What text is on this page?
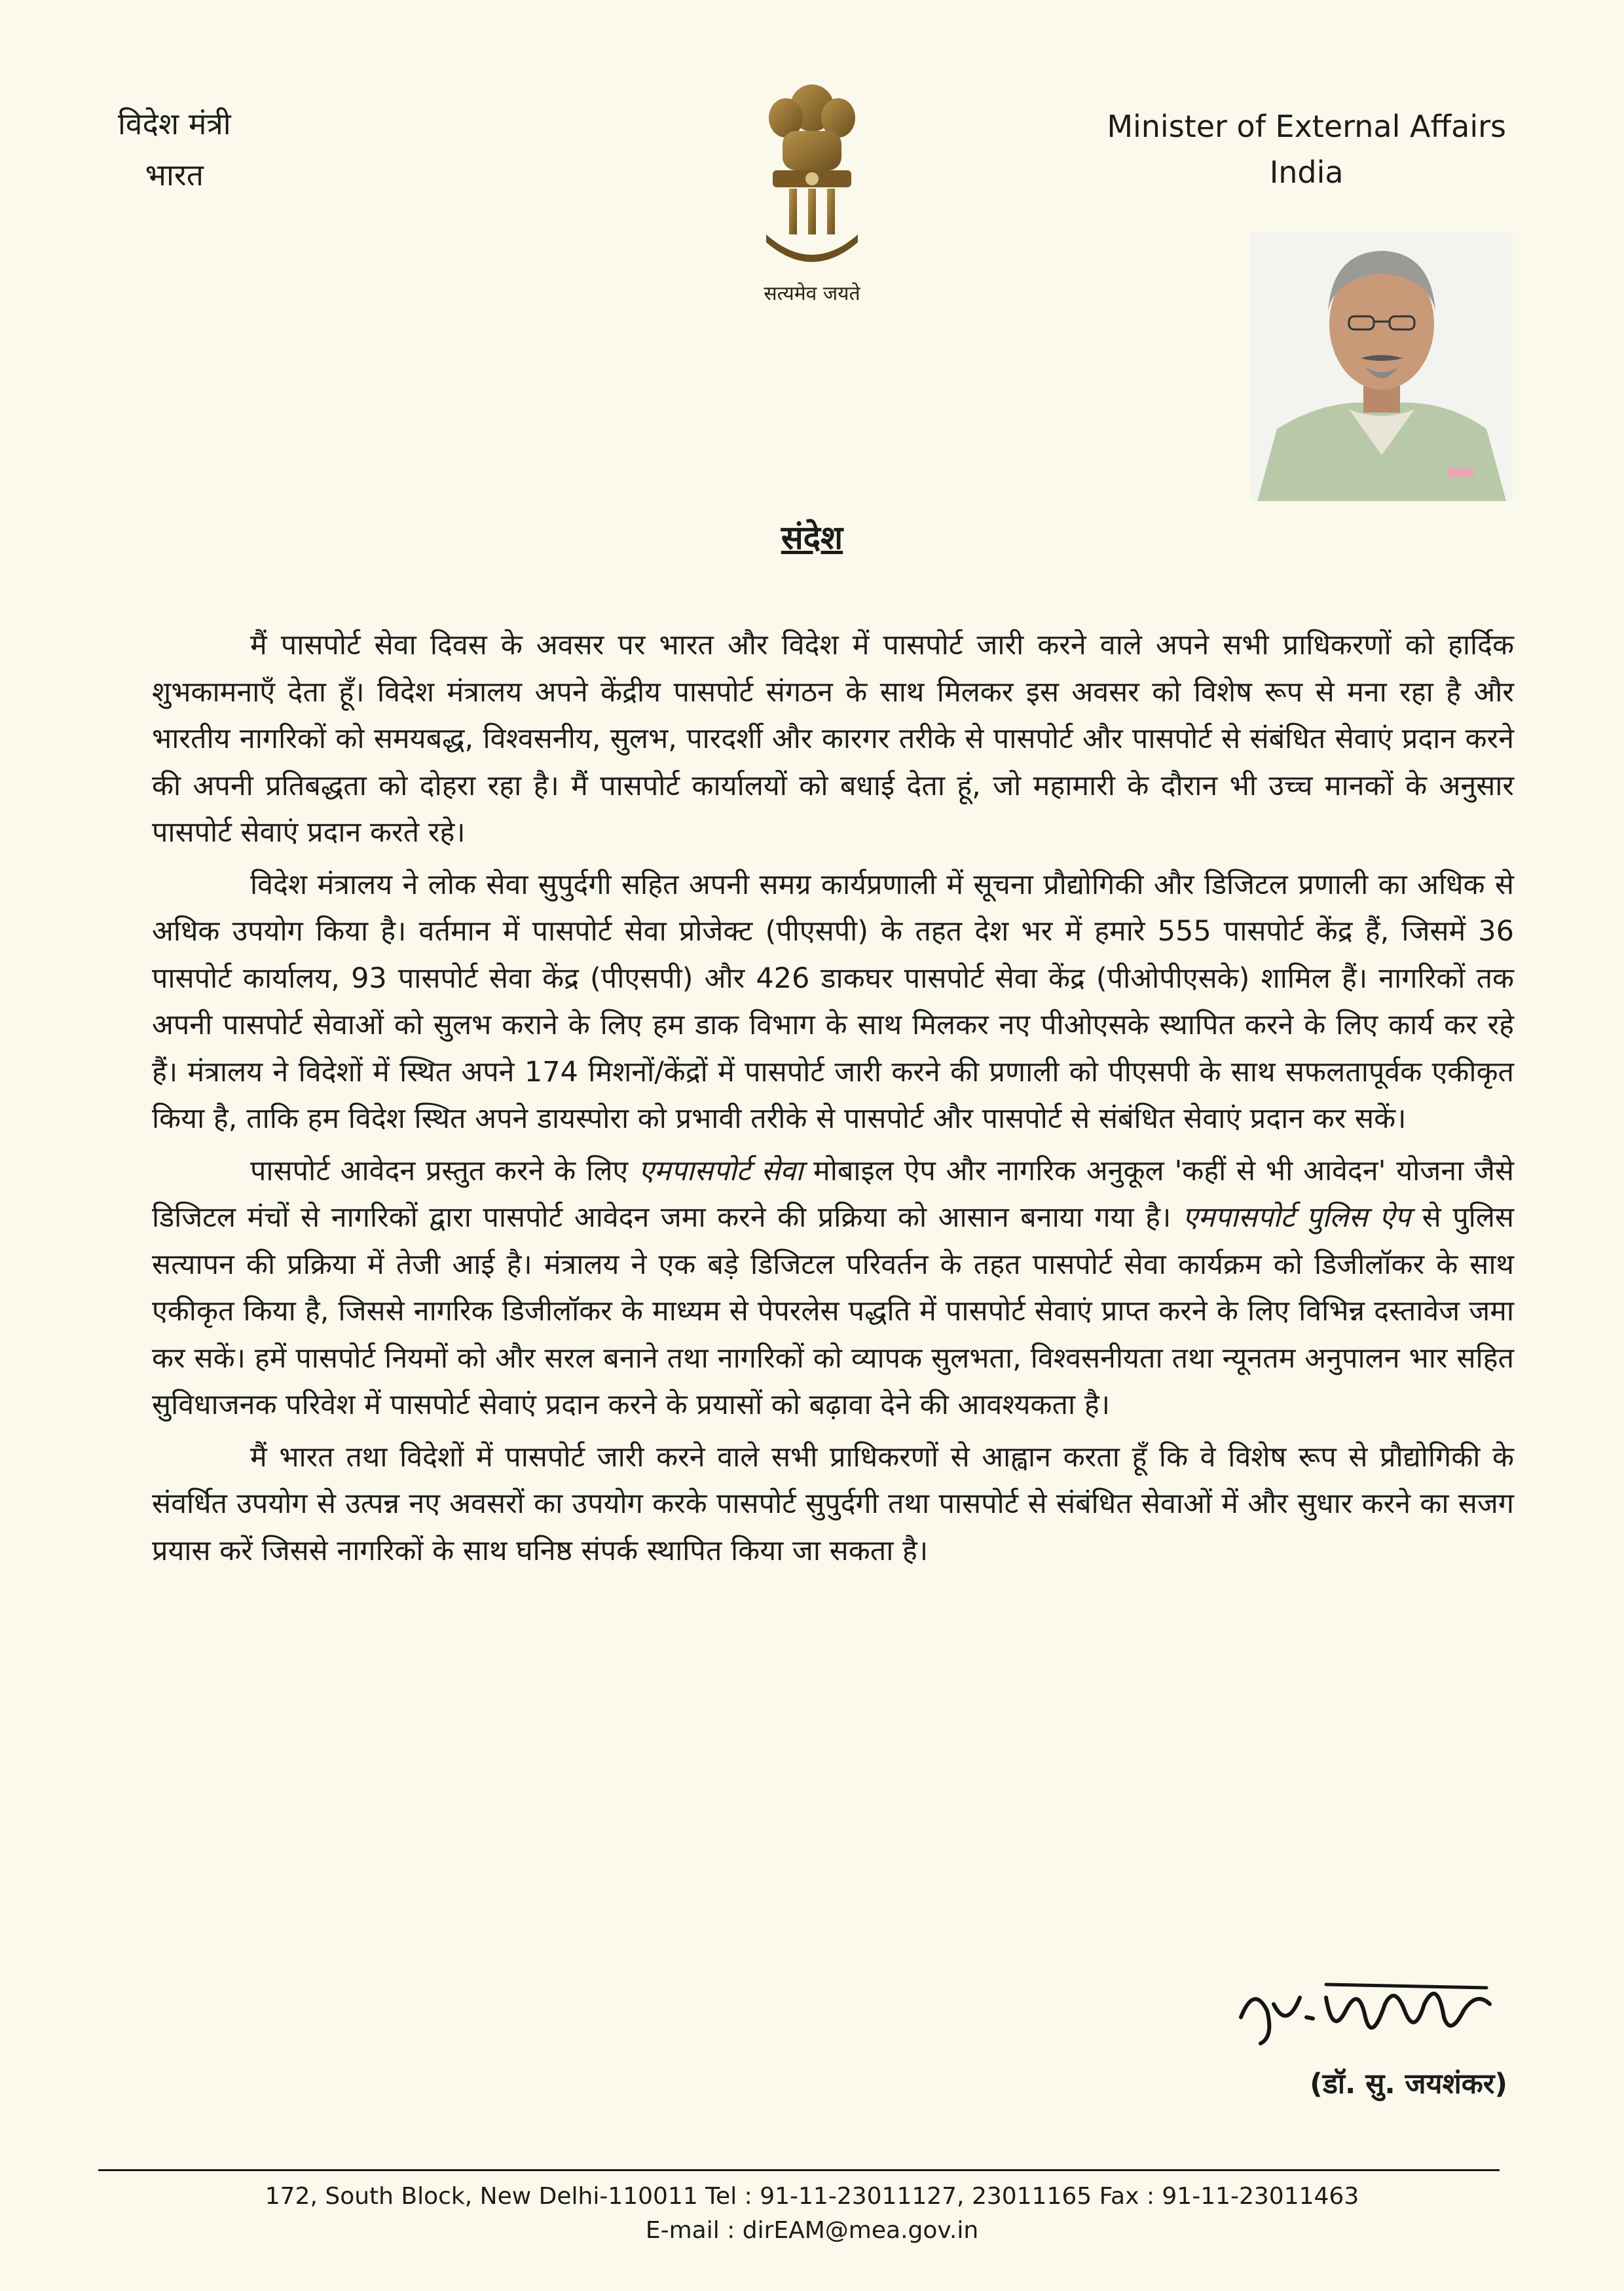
विदेश मंत्री
भारत
सत्यमेव जयते
Minister of External Affairs
India
संदेश

मैं पासपोर्ट सेवा दिवस के अवसर पर भारत और विदेश में पासपोर्ट जारी करने वाले अपने सभी प्राधिकरणों को हार्दिक शुभकामनाएँ देता हूँ। विदेश मंत्रालय अपने केंद्रीय पासपोर्ट संगठन के साथ मिलकर इस अवसर को विशेष रूप से मना रहा है और भारतीय नागरिकों को समयबद्ध, विश्वसनीय, सुलभ, पारदर्शी और कारगर तरीके से पासपोर्ट और पासपोर्ट से संबंधित सेवाएं प्रदान करने की अपनी प्रतिबद्धता को दोहरा रहा है। मैं पासपोर्ट कार्यालयों को बधाई देता हूं, जो महामारी के दौरान भी उच्च मानकों के अनुसार पासपोर्ट सेवाएं प्रदान करते रहे।

विदेश मंत्रालय ने लोक सेवा सुपुर्दगी सहित अपनी समग्र कार्यप्रणाली में सूचना प्रौद्योगिकी और डिजिटल प्रणाली का अधिक से अधिक उपयोग किया है। वर्तमान में पासपोर्ट सेवा प्रोजेक्ट (पीएसपी) के तहत देश भर में हमारे 555 पासपोर्ट केंद्र हैं, जिसमें 36 पासपोर्ट कार्यालय, 93 पासपोर्ट सेवा केंद्र (पीएसपी) और 426 डाकघर पासपोर्ट सेवा केंद्र (पीओपीएसके) शामिल हैं। नागरिकों तक अपनी पासपोर्ट सेवाओं को सुलभ कराने के लिए हम डाक विभाग के साथ मिलकर नए पीओएसके स्थापित करने के लिए कार्य कर रहे हैं। मंत्रालय ने विदेशों में स्थित अपने 174 मिशनों/केंद्रों में पासपोर्ट जारी करने की प्रणाली को पीएसपी के साथ सफलतापूर्वक एकीकृत किया है, ताकि हम विदेश स्थित अपने डायस्पोरा को प्रभावी तरीके से पासपोर्ट और पासपोर्ट से संबंधित सेवाएं प्रदान कर सकें।

पासपोर्ट आवेदन प्रस्तुत करने के लिए एमपासपोर्ट सेवा मोबाइल ऐप और नागरिक अनुकूल 'कहीं से भी आवेदन' योजना जैसे डिजिटल मंचों से नागरिकों द्वारा पासपोर्ट आवेदन जमा करने की प्रक्रिया को आसान बनाया गया है। एमपासपोर्ट पुलिस ऐप से पुलिस सत्यापन की प्रक्रिया में तेजी आई है। मंत्रालय ने एक बड़े डिजिटल परिवर्तन के तहत पासपोर्ट सेवा कार्यक्रम को डिजीलॉकर के साथ एकीकृत किया है, जिससे नागरिक डिजीलॉकर के माध्यम से पेपरलेस पद्धति में पासपोर्ट सेवाएं प्राप्त करने के लिए विभिन्न दस्तावेज जमा कर सकें। हमें पासपोर्ट नियमों को और सरल बनाने तथा नागरिकों को व्यापक सुलभता, विश्वसनीयता तथा न्यूनतम अनुपालन भार सहित सुविधाजनक परिवेश में पासपोर्ट सेवाएं प्रदान करने के प्रयासों को बढ़ावा देने की आवश्यकता है।

मैं भारत तथा विदेशों में पासपोर्ट जारी करने वाले सभी प्राधिकरणों से आह्वान करता हूँ कि वे विशेष रूप से प्रौद्योगिकी के संवर्धित उपयोग से उत्पन्न नए अवसरों का उपयोग करके पासपोर्ट सुपुर्दगी तथा पासपोर्ट से संबंधित सेवाओं में और सुधार करने का सजग प्रयास करें जिससे नागरिकों के साथ घनिष्ठ संपर्क स्थापित किया जा सकता है।

(डॉ. सु. जयशंकर)
172, South Block, New Delhi-110011 Tel : 91-11-23011127, 23011165 Fax : 91-11-23011463
E-mail : dirEAM@mea.gov.in
